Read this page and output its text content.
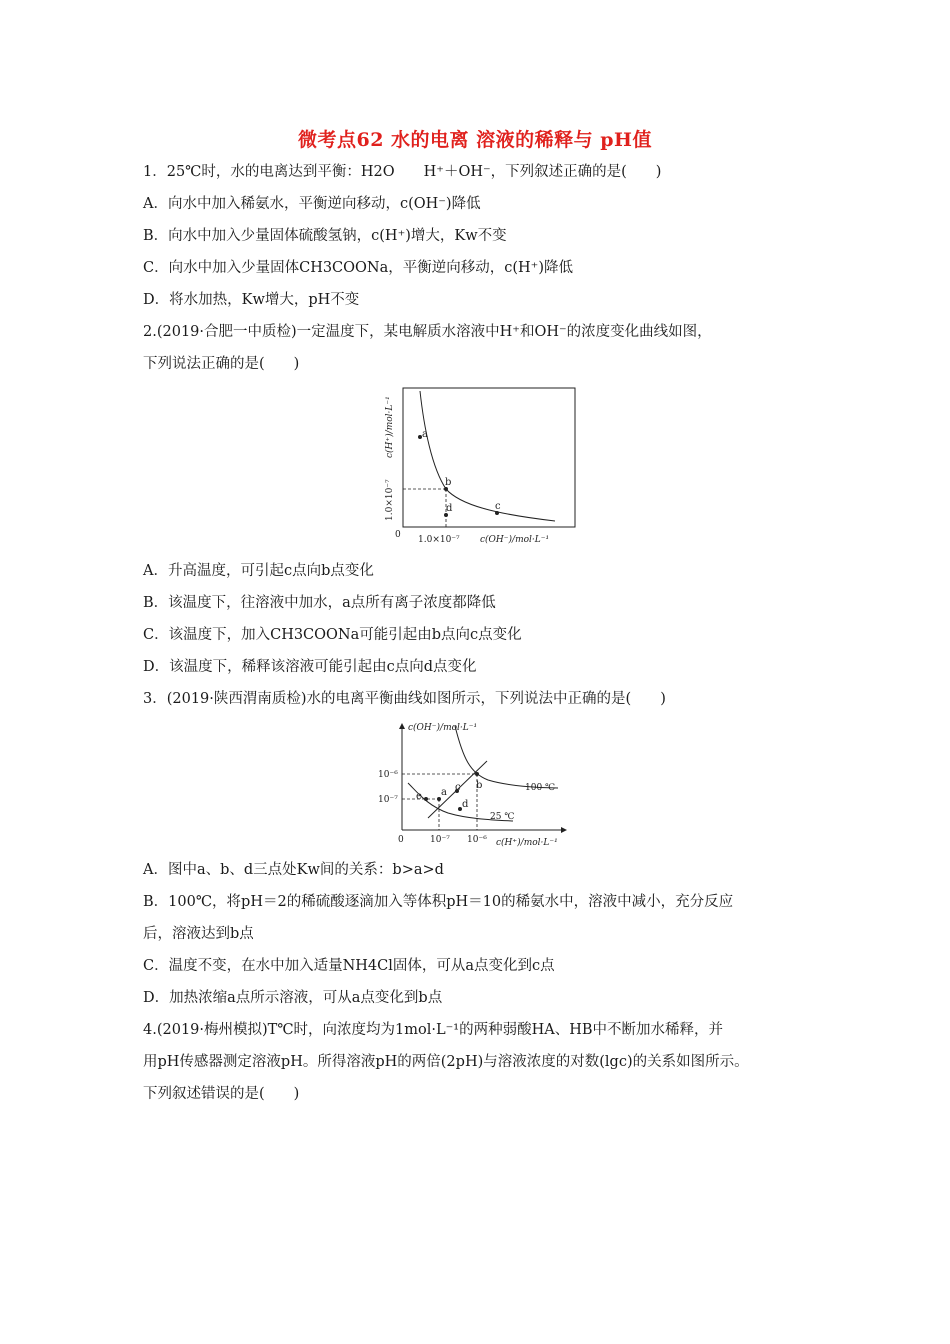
微考点62 水的电离 溶液的稀释与 pH值
1．25℃时，水的电离达到平衡：H2O　　H⁺＋OH⁻，下列叙述正确的是(　　)
A．向水中加入稀氨水，平衡逆向移动，c(OH⁻)降低
B．向水中加入少量固体硫酸氢钠，c(H⁺)增大，Kw不变
C．向水中加入少量固体CH3COONa，平衡逆向移动，c(H⁺)降低
D．将水加热，Kw增大，pH不变
2.(2019·合肥一中质检)一定温度下，某电解质水溶液中H⁺和OH⁻的浓度变化曲线如图，
下列说法正确的是(　　)
a
b
c
d
1.0×10⁻⁷
c(H⁺)/mol·L⁻¹
0 1.0×10⁻⁷ c(OH⁻)/mol·L⁻¹
A．升高温度，可引起c点向b点变化
B．该温度下，往溶液中加水，a点所有离子浓度都降低
C．该温度下，加入CH3COONa可能引起由b点向c点变化
D．该温度下，稀释该溶液可能引起由c点向d点变化
3．(2019·陕西渭南质检)水的电离平衡曲线如图所示，下列说法中正确的是(　　)
a
b
c
d
e
c(OH⁻)/mol·L⁻¹
10⁻⁶
10⁻⁷
0	10⁻⁷ 10⁻⁶ c(H⁺)/mol·L⁻¹
100 ℃
25 ℃
A．图中a、b、d三点处Kw间的关系：b>a>d
B．100℃，将pH＝2的稀硫酸逐滴加入等体积pH＝10的稀氨水中，溶液中减小，充分反应
后，溶液达到b点
C．温度不变，在水中加入适量NH4Cl固体，可从a点变化到c点
D．加热浓缩a点所示溶液，可从a点变化到b点
4.(2019·梅州模拟)T℃时，向浓度均为1mol·L⁻¹的两种弱酸HA、HB中不断加水稀释，并
用pH传感器测定溶液pH。所得溶液pH的两倍(2pH)与溶液浓度的对数(lgc)的关系如图所示。
下列叙述错误的是(　　)
